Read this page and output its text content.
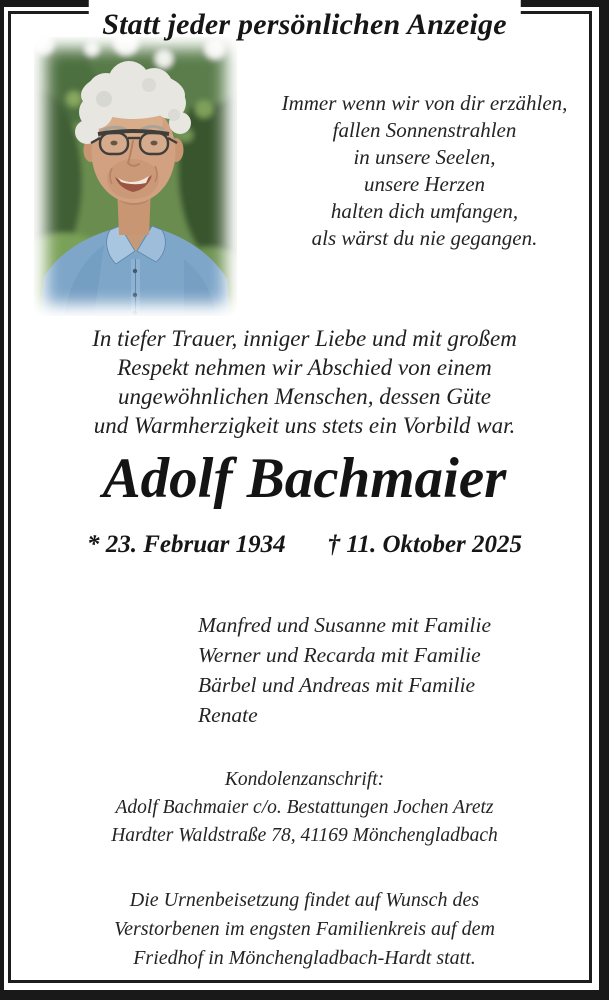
Statt jeder persönlichen Anzeige
Immer wenn wir von dir erzählen,
fallen Sonnenstrahlen
in unsere Seelen,
unsere Herzen
halten dich umfangen,
als wärst du nie gegangen.
In tiefer Trauer, inniger Liebe und mit großem
Respekt nehmen wir Abschied von einem
ungewöhnlichen Menschen, dessen Güte
und Warmherzigkeit uns stets ein Vorbild war.
Adolf Bachmaier
* 23. Februar 1934 † 11. Oktober 2025
Manfred und Susanne mit Familie
Werner und Recarda mit Familie
Bärbel und Andreas mit Familie
Renate
Kondolenzanschrift:
Adolf Bachmaier c/o. Bestattungen Jochen Aretz
Hardter Waldstraße 78, 41169 Mönchengladbach
Die Urnenbeisetzung findet auf Wunsch des
Verstorbenen im engsten Familienkreis auf dem
Friedhof in Mönchengladbach-Hardt statt.
